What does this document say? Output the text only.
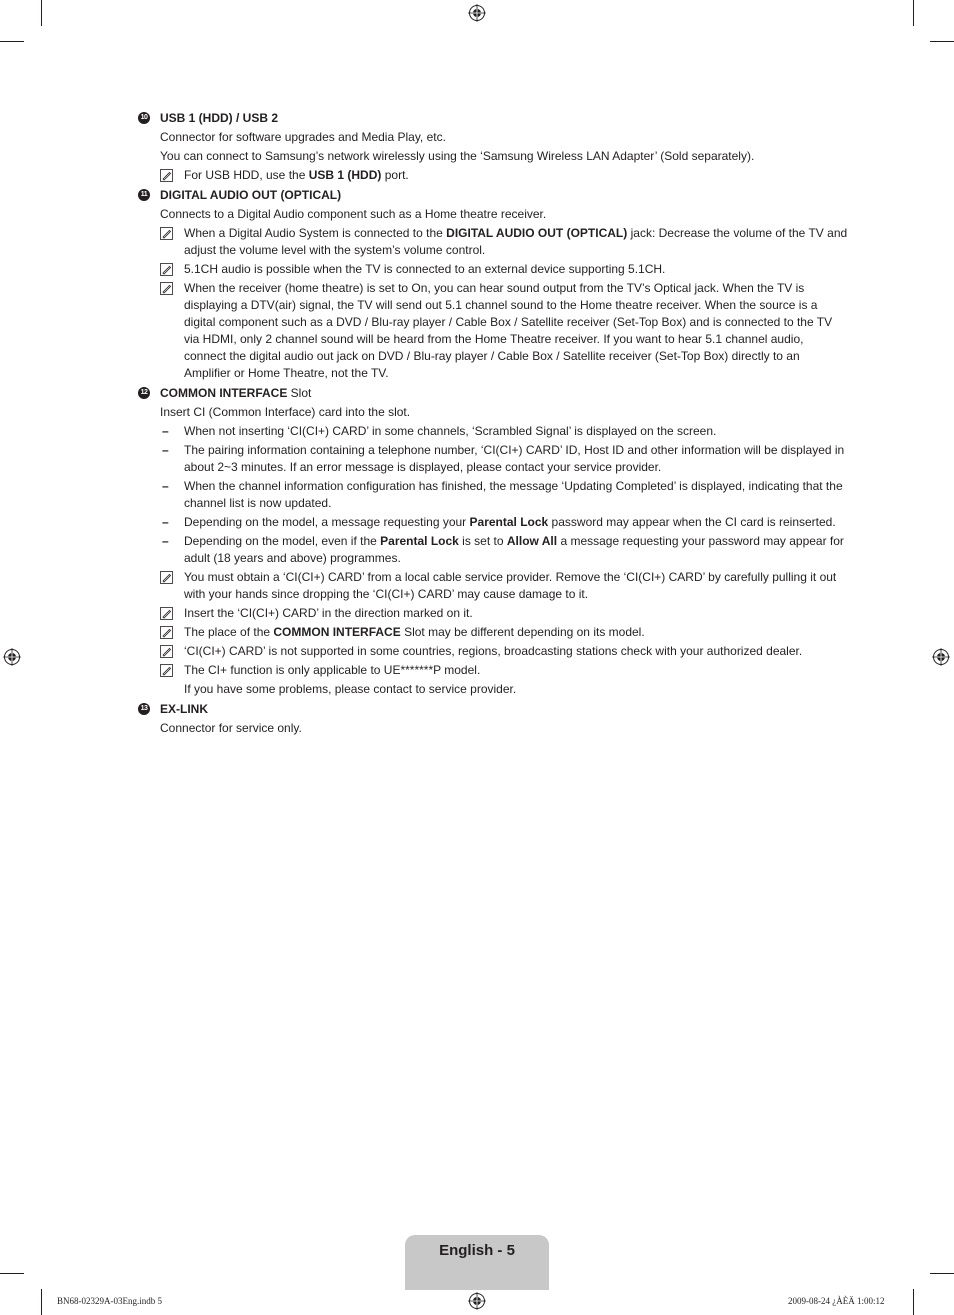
10 USB 1 (HDD) / USB 2
Connector for software upgrades and Media Play, etc.
You can connect to Samsung’s network wirelessly using the ‘Samsung Wireless LAN Adapter’ (Sold separately).
For USB HDD, use the USB 1 (HDD) port.
11 DIGITAL AUDIO OUT (OPTICAL)
Connects to a Digital Audio component such as a Home theatre receiver.
When a Digital Audio System is connected to the DIGITAL AUDIO OUT (OPTICAL) jack: Decrease the volume of the TV and adjust the volume level with the system’s volume control.
5.1CH audio is possible when the TV is connected to an external device supporting 5.1CH.
When the receiver (home theatre) is set to On, you can hear sound output from the TV’s Optical jack. When the TV is displaying a DTV(air) signal, the TV will send out 5.1 channel sound to the Home theatre receiver. When the source is a digital component such as a DVD / Blu-ray player / Cable Box / Satellite receiver (Set-Top Box) and is connected to the TV via HDMI, only 2 channel sound will be heard from the Home Theatre receiver. If you want to hear 5.1 channel audio, connect the digital audio out jack on DVD / Blu-ray player / Cable Box / Satellite receiver (Set-Top Box) directly to an Amplifier or Home Theatre, not the TV.
12 COMMON INTERFACE Slot
Insert CI (Common Interface) card into the slot.
– When not inserting ‘CI(CI+) CARD’ in some channels, ‘Scrambled Signal’ is displayed on the screen.
– The pairing information containing a telephone number, ‘CI(CI+) CARD’ ID, Host ID and other information will be displayed in about 2~3 minutes. If an error message is displayed, please contact your service provider.
– When the channel information configuration has finished, the message ‘Updating Completed’ is displayed, indicating that the channel list is now updated.
– Depending on the model, a message requesting your Parental Lock password may appear when the CI card is reinserted.
– Depending on the model, even if the Parental Lock is set to Allow All a message requesting your password may appear for adult (18 years and above) programmes.
You must obtain a ‘CI(CI+) CARD’ from a local cable service provider. Remove the ‘CI(CI+) CARD’ by carefully pulling it out with your hands since dropping the ‘CI(CI+) CARD’ may cause damage to it.
Insert the ‘CI(CI+) CARD’ in the direction marked on it.
The place of the COMMON INTERFACE Slot may be different depending on its model.
‘CI(CI+) CARD’ is not supported in some countries, regions, broadcasting stations check with your authorized dealer.
The CI+ function is only applicable to UE*******P model.
If you have some problems, please contact to service provider.
13 EX-LINK
Connector for service only.
English - 5
BN68-02329A-03Eng.indb 5	2009-08-24 ¿ÀÈÄ 1:00:12
